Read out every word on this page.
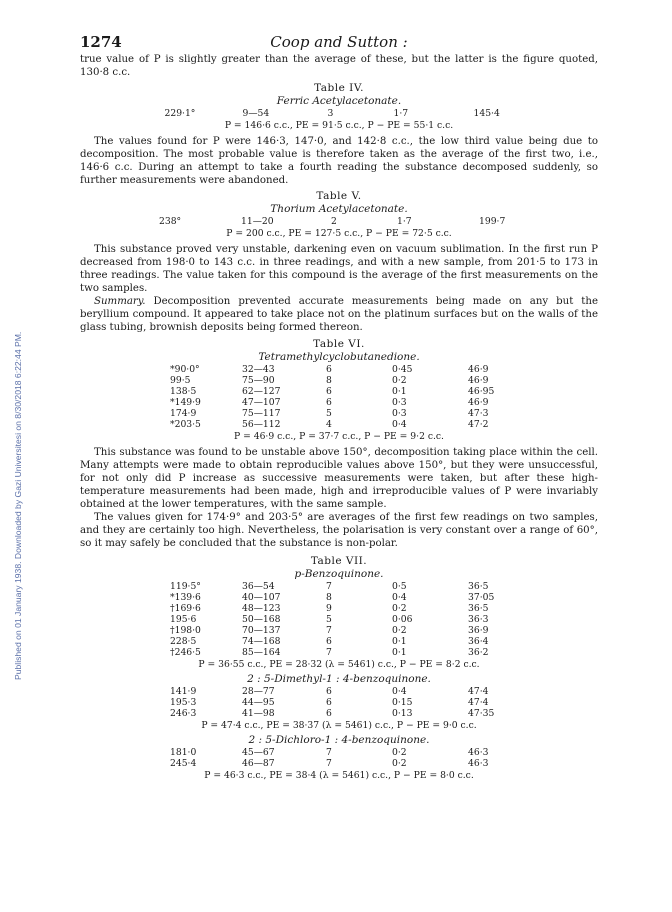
Published on 01 January 1938. Downloaded by Gazi Universitesi on 8/30/2018 6:22:44 PM.
1274	Coop and Sutton :

true value of P is slightly greater than the average of these, but the latter is the figure quoted, 130·8 c.c.

Table IV.
Ferric Acetylacetonate.
229·1°	9—54	3	1·7	145·4
P = 146·6 c.c., PE = 91·5 c.c., P − PE = 55·1 c.c.

The values found for P were 146·3, 147·0, and 142·8 c.c., the low third value being due to decomposition. The most probable value is therefore taken as the average of the first two, i.e., 146·6 c.c. During an attempt to take a fourth reading the substance decomposed suddenly, so further measurements were abandoned.

Table V.
Thorium Acetylacetonate.
238°	11—20	2	1·7	199·7
P = 200 c.c., PE = 127·5 c.c., P − PE = 72·5 c.c.

This substance proved very unstable, darkening even on vacuum sublimation. In the first run P decreased from 198·0 to 143 c.c. in three readings, and with a new sample, from 201·5 to 173 in three readings. The value taken for this compound is the average of the first measurements on the two samples.

Summary. Decomposition prevented accurate measurements being made on any but the beryllium compound. It appeared to take place not on the platinum surfaces but on the walls of the glass tubing, brownish deposits being formed thereon.

Table VI.
Tetramethylcyclobutanedione.
*90·0°	32—43	6	0·45	46·9
99·5	75—90	8	0·2	46·9
138·5	62—127	6	0·1	46·95
*149·9	47—107	6	0·3	46·9
174·9	75—117	5	0·3	47·3
*203·5	56—112	4	0·4	47·2
P = 46·9 c.c., P = 37·7 c.c., P − PE = 9·2 c.c.

This substance was found to be unstable above 150°, decomposition taking place within the cell. Many attempts were made to obtain reproducible values above 150°, but they were unsuccessful, for not only did P increase as successive measurements were taken, but after these high-temperature measurements had been made, high and irreproducible values of P were invariably obtained at the lower temperatures, with the same sample.

The values given for 174·9° and 203·5° are averages of the first few readings on two samples, and they are certainly too high. Nevertheless, the polarisation is very constant over a range of 60°, so it may safely be concluded that the substance is non-polar.

Table VII.
p-Benzoquinone.
119·5°	36—54	7	0·5	36·5
*139·6	40—107	8	0·4	37·05
†169·6	48—123	9	0·2	36·5
195·6	50—168	5	0·06	36·3
†198·0	70—137	7	0·2	36·9
228·5	74—168	6	0·1	36·4
†246·5	85—164	7	0·1	36·2
P = 36·55 c.c., PE = 28·32 (λ = 5461) c.c., P − PE = 8·2 c.c.
2 : 5-Dimethyl-1 : 4-benzoquinone.
141·9	28—77	6	0·4	47·4
195·3	44—95	6	0·15	47·4
246·3	41—98	6	0·13	47·35
P = 47·4 c.c., PE = 38·37 (λ = 5461) c.c., P − PE = 9·0 c.c.
2 : 5-Dichloro-1 : 4-benzoquinone.
181·0	45—67	7	0·2	46·3
245·4	46—87	7	0·2	46·3
P = 46·3 c.c., PE = 38·4 (λ = 5461) c.c., P − PE = 8·0 c.c.
